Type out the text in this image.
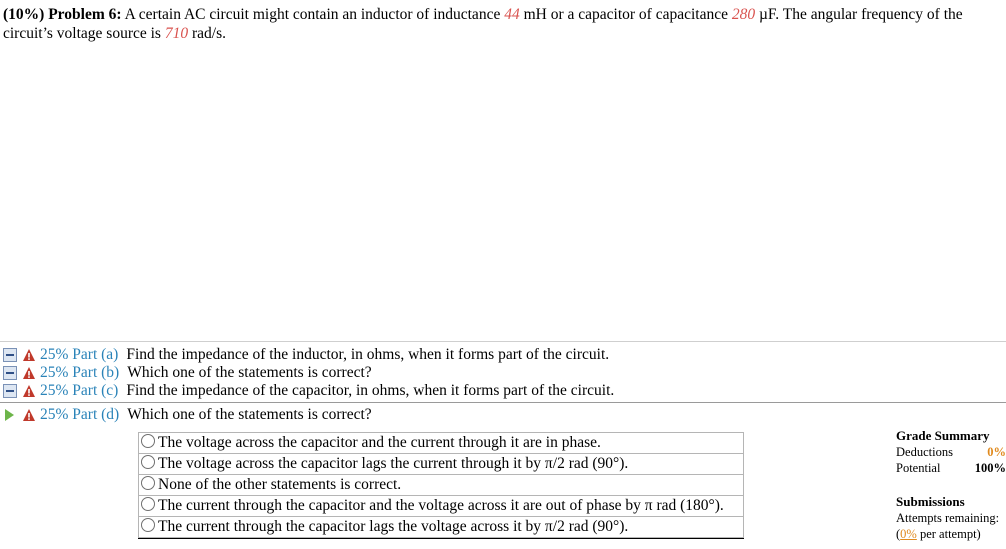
(10%) Problem 6: A certain AC circuit might contain an inductor of inductance 44 mH or a capacitor of capacitance 280 µF. The angular frequency of the circuit’s voltage source is 710 rad/s.
25% Part (a) Find the impedance of the inductor, in ohms, when it forms part of the circuit.
25% Part (b) Which one of the statements is correct?
25% Part (c) Find the impedance of the capacitor, in ohms, when it forms part of the circuit.
25% Part (d) Which one of the statements is correct?
The voltage across the capacitor and the current through it are in phase.
The voltage across the capacitor lags the current through it by π/2 rad (90°).
None of the other statements is correct.
The current through the capacitor and the voltage across it are out of phase by π rad (180°).
The current through the capacitor lags the voltage across it by π/2 rad (90°).
Grade Summary
Deductions	0%
Potential	100%
Submissions
Attempts remaining:
(0% per attempt)
